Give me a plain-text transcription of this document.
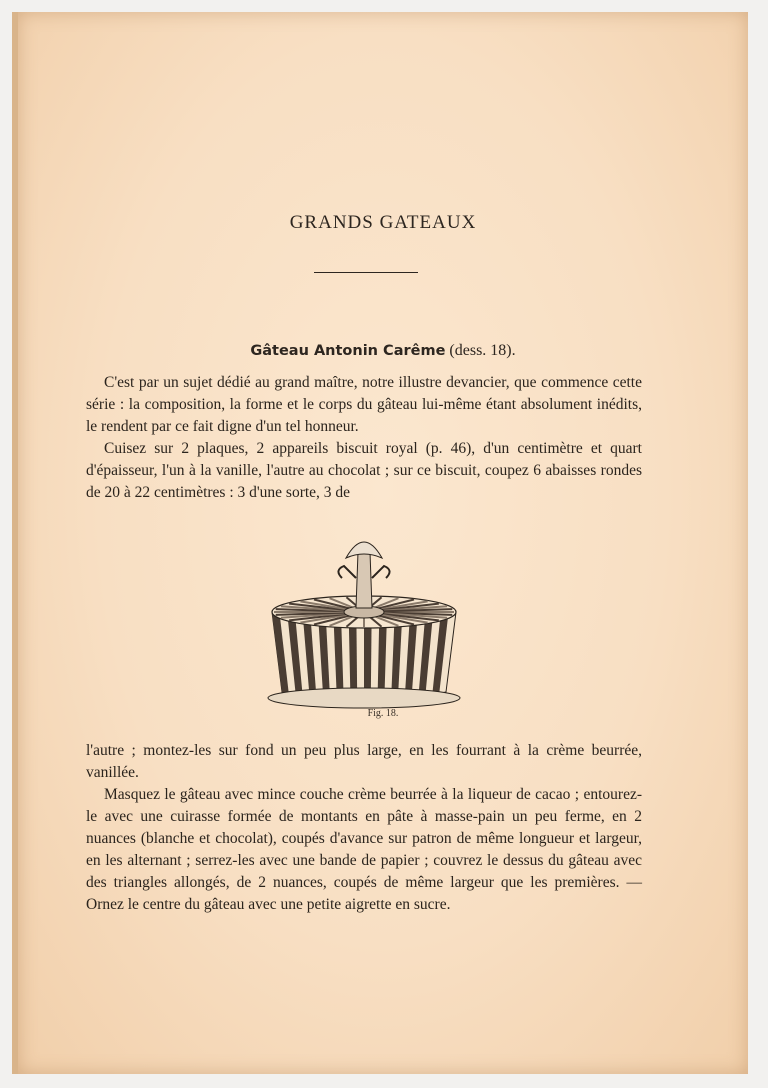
GRANDS GATEAUX
Gâteau Antonin Carême (dess. 18).

C'est par un sujet dédié au grand maître, notre illustre devancier, que commence cette série : la composition, la forme et le corps du gâteau lui-même étant absolument inédits, le rendent par ce fait digne d'un tel honneur.

Cuisez sur 2 plaques, 2 appareils biscuit royal (p. 46), d'un centimètre et quart d'épaisseur, l'un à la vanille, l'autre au chocolat ; sur ce biscuit, coupez 6 abaisses rondes de 20 à 22 centimètres : 3 d'une sorte, 3 de

Fig. 18.

l'autre ; montez-les sur fond un peu plus large, en les fourrant à la crème beurrée, vanillée.

Masquez le gâteau avec mince couche crème beurrée à la liqueur de cacao ; entourez-le avec une cuirasse formée de montants en pâte à masse-pain un peu ferme, en 2 nuances (blanche et chocolat), coupés d'avance sur patron de même longueur et largeur, en les alternant ; serrez-les avec une bande de papier ; couvrez le dessus du gâteau avec des triangles allongés, de 2 nuances, coupés de même largeur que les premières. — Ornez le centre du gâteau avec une petite aigrette en sucre.
